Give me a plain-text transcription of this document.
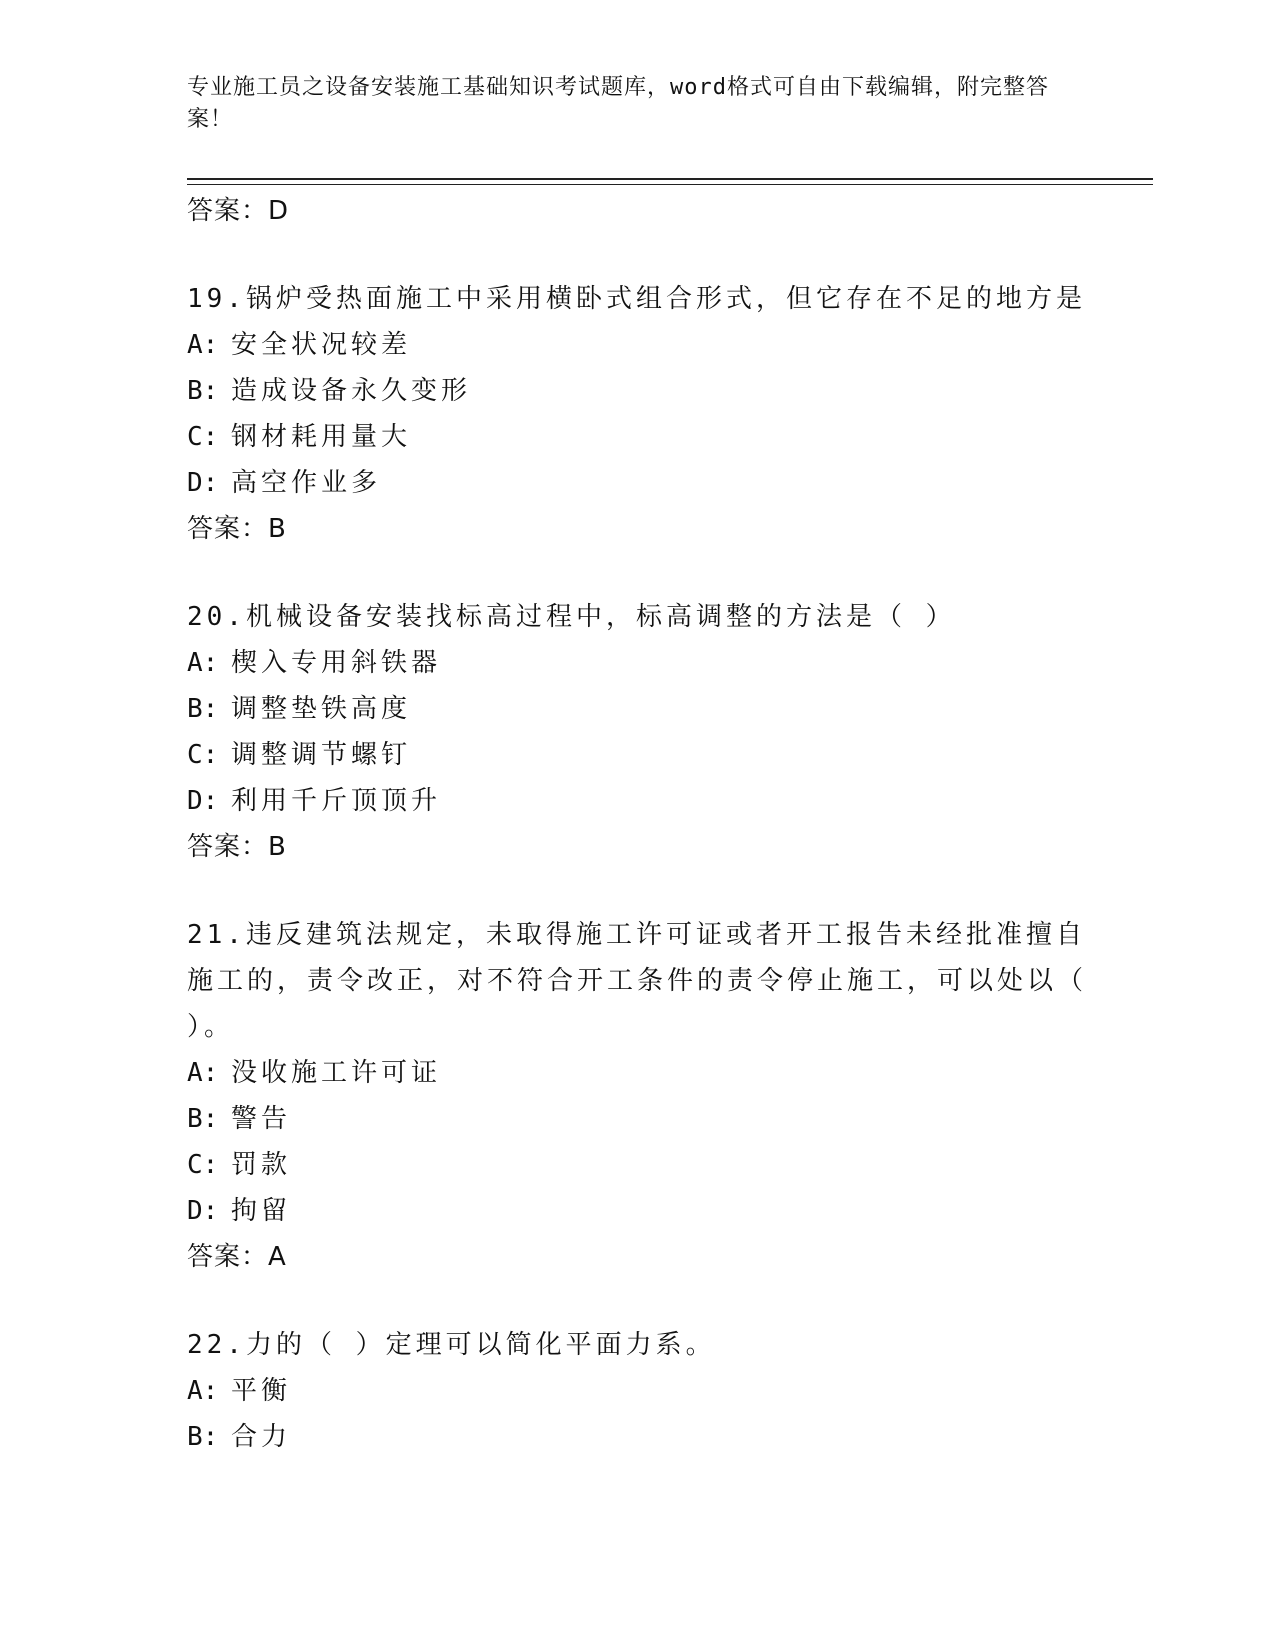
专业施工员之设备安装施工基础知识考试题库，word格式可自由下载编辑，附完整答案！
答案：D
19.锅炉受热面施工中采用横卧式组合形式，但它存在不足的地方是
A: 安全状况较差
B: 造成设备永久变形
C: 钢材耗用量大
D: 高空作业多
答案：B
20.机械设备安装找标高过程中，标高调整的方法是（ ）
A: 楔入专用斜铁器
B: 调整垫铁高度
C: 调整调节螺钉
D: 利用千斤顶顶升
答案：B
21.违反建筑法规定，未取得施工许可证或者开工报告未经批准擅自施工的，责令改正，对不符合开工条件的责令停止施工，可以处以（ ）。
A: 没收施工许可证
B: 警告
C: 罚款
D: 拘留
答案：A
22.力的（ ）定理可以简化平面力系。
A: 平衡
B: 合力
